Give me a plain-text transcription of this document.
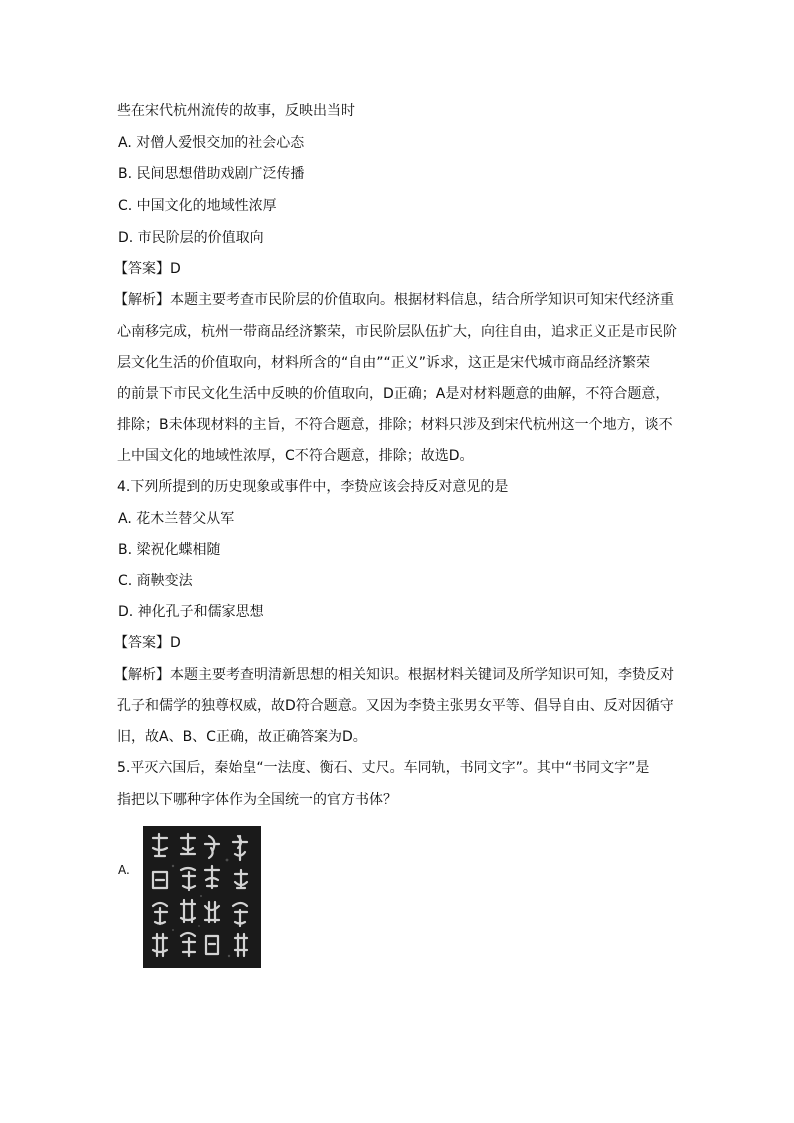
些在宋代杭州流传的故事，反映出当时
A. 对僧人爱恨交加的社会心态
B. 民间思想借助戏剧广泛传播
C. 中国文化的地域性浓厚
D. 市民阶层的价值取向
【答案】D
【解析】本题主要考查市民阶层的价值取向。根据材料信息，结合所学知识可知宋代经济重
心南移完成，杭州一带商品经济繁荣，市民阶层队伍扩大，向往自由，追求正义正是市民阶
层文化生活的价值取向，材料所含的“自由”“正义”诉求，这正是宋代城市商品经济繁荣
的前景下市民文化生活中反映的价值取向，D正确；A是对材料题意的曲解，不符合题意，
排除；B未体现材料的主旨，不符合题意，排除；材料只涉及到宋代杭州这一个地方，谈不
上中国文化的地域性浓厚，C不符合题意，排除；故选D。
4.下列所提到的历史现象或事件中，李贽应该会持反对意见的是
A. 花木兰替父从军
B. 梁祝化蝶相随
C. 商鞅变法
D. 神化孔子和儒家思想
【答案】D
【解析】本题主要考查明清新思想的相关知识。根据材料关键词及所学知识可知，李贽反对
孔子和儒学的独尊权威，故D符合题意。又因为李贽主张男女平等、倡导自由、反对因循守
旧，故A、B、C正确，故正确答案为D。
5.平灭六国后，秦始皇“一法度、衡石、丈尺。车同轨，书同文字”。其中“书同文字”是
指把以下哪种字体作为全国统一的官方书体？
A.
